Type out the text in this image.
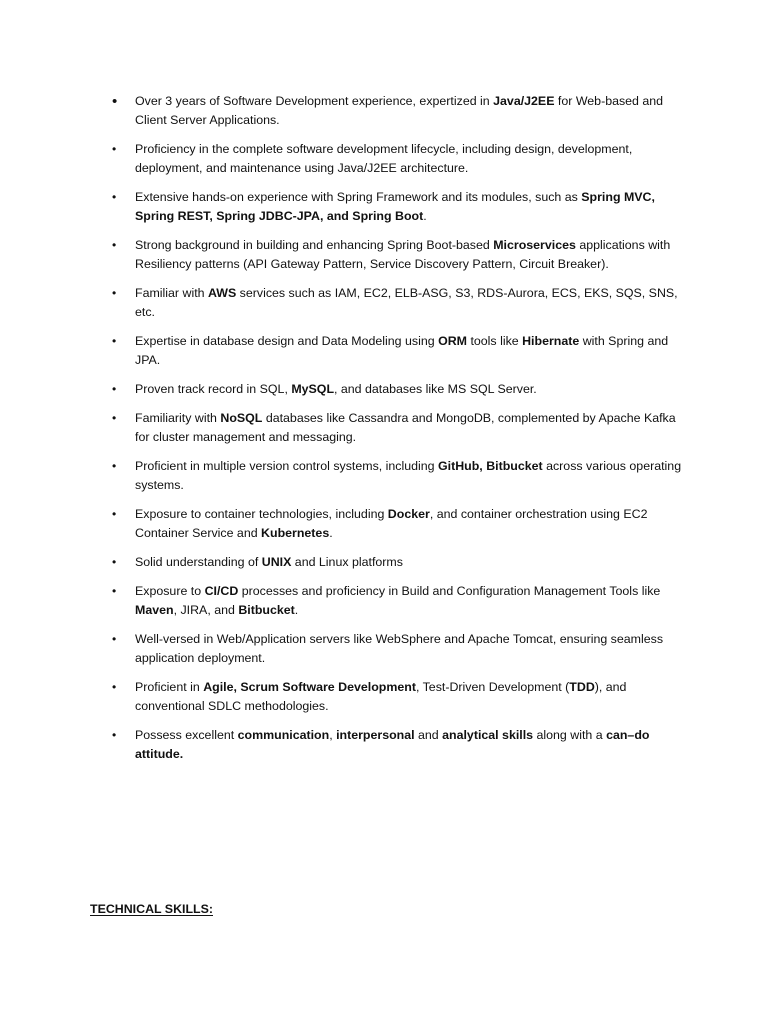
•	Over 3 years of Software Development experience, expertized in Java/J2EE for Web-based and Client Server Applications.
•	Proficiency in the complete software development lifecycle, including design, development, deployment, and maintenance using Java/J2EE architecture.
•	Extensive hands-on experience with Spring Framework and its modules, such as Spring MVC, Spring REST, Spring JDBC-JPA, and Spring Boot.
•	Strong background in building and enhancing Spring Boot-based Microservices applications with Resiliency patterns (API Gateway Pattern, Service Discovery Pattern, Circuit Breaker).
•	Familiar with AWS services such as IAM, EC2, ELB-ASG, S3, RDS-Aurora, ECS, EKS, SQS, SNS, etc.
•	Expertise in database design and Data Modeling using ORM tools like Hibernate with Spring and JPA.
•	Proven track record in SQL, MySQL, and databases like MS SQL Server.
•	Familiarity with NoSQL databases like Cassandra and MongoDB, complemented by Apache Kafka for cluster management and messaging.
•	Proficient in multiple version control systems, including GitHub, Bitbucket across various operating systems.
•	Exposure to container technologies, including Docker, and container orchestration using EC2 Container Service and Kubernetes.
•	Solid understanding of UNIX and Linux platforms
•	Exposure to CI/CD processes and proficiency in Build and Configuration Management Tools like Maven, JIRA, and Bitbucket.
•	Well-versed in Web/Application servers like WebSphere and Apache Tomcat, ensuring seamless application deployment.
•	Proficient in Agile, Scrum Software Development, Test-Driven Development (TDD), and conventional SDLC methodologies.
•	Possess excellent communication, interpersonal and analytical skills along with a can–do attitude.
TECHNICAL SKILLS:
